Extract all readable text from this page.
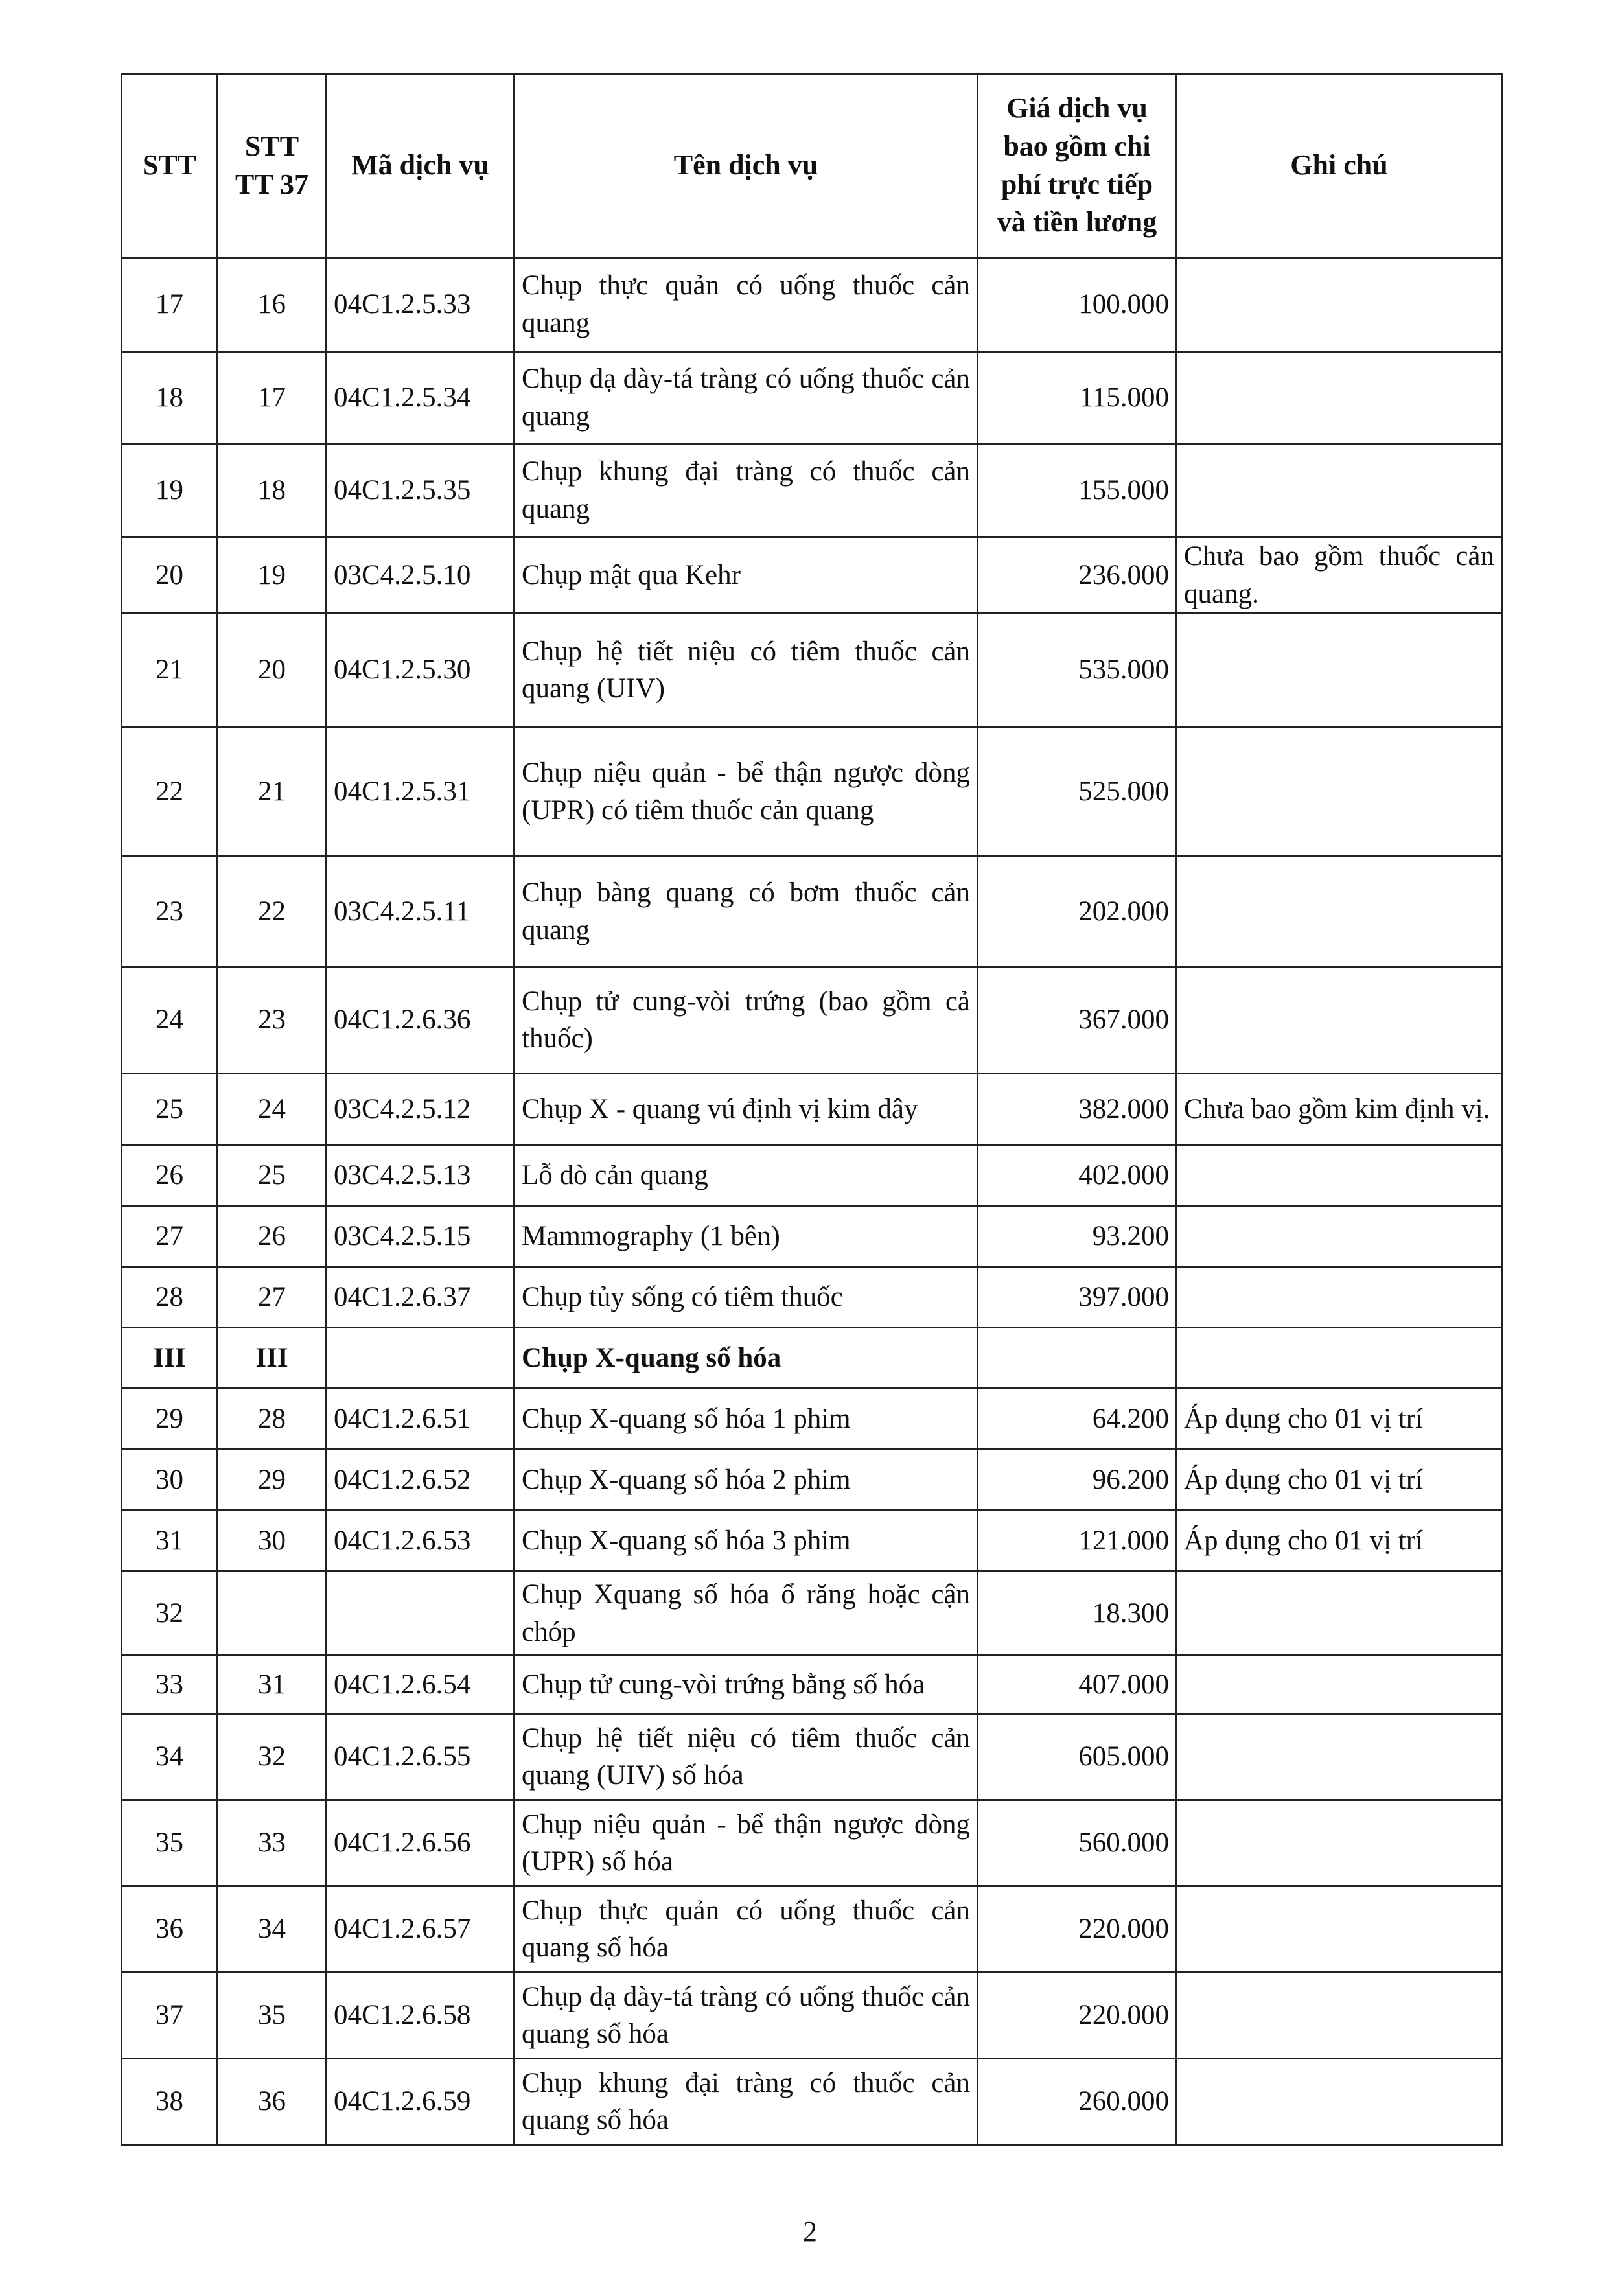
STT	STT TT 37	Mã dịch vụ	Tên dịch vụ	Giá dịch vụ bao gồm chi phí trực tiếp và tiền lương	Ghi chú
17	16	04C1.2.5.33	Chụp thực quản có uống thuốc cản quang	100.000	
18	17	04C1.2.5.34	Chụp dạ dày-tá tràng có uống thuốc cản quang	115.000	
19	18	04C1.2.5.35	Chụp khung đại tràng có thuốc cản quang	155.000	
20	19	03C4.2.5.10	Chụp mật qua Kehr	236.000	Chưa bao gồm thuốc cản quang.
21	20	04C1.2.5.30	Chụp hệ tiết niệu có tiêm thuốc cản quang (UIV)	535.000	
22	21	04C1.2.5.31	Chụp niệu quản - bể thận ngược dòng (UPR) có tiêm thuốc cản quang	525.000	
23	22	03C4.2.5.11	Chụp bàng quang có bơm thuốc cản quang	202.000	
24	23	04C1.2.6.36	Chụp tử cung-vòi trứng (bao gồm cả thuốc)	367.000	
25	24	03C4.2.5.12	Chụp X - quang vú định vị kim dây	382.000	Chưa bao gồm kim định vị.
26	25	03C4.2.5.13	Lỗ dò cản quang	402.000	
27	26	03C4.2.5.15	Mammography (1 bên)	93.200	
28	27	04C1.2.6.37	Chụp tủy sống có tiêm thuốc	397.000	
III	III		Chụp X-quang số hóa		
29	28	04C1.2.6.51	Chụp X-quang số hóa 1 phim	64.200	Áp dụng cho 01 vị trí
30	29	04C1.2.6.52	Chụp X-quang số hóa 2 phim	96.200	Áp dụng cho 01 vị trí
31	30	04C1.2.6.53	Chụp X-quang số hóa 3 phim	121.000	Áp dụng cho 01 vị trí
32			Chụp Xquang số hóa ổ răng hoặc cận chóp	18.300	
33	31	04C1.2.6.54	Chụp tử cung-vòi trứng bằng số hóa	407.000	
34	32	04C1.2.6.55	Chụp hệ tiết niệu có tiêm thuốc cản quang (UIV) số hóa	605.000	
35	33	04C1.2.6.56	Chụp niệu quản - bể thận ngược dòng (UPR) số hóa	560.000	
36	34	04C1.2.6.57	Chụp thực quản có uống thuốc cản quang số hóa	220.000	
37	35	04C1.2.6.58	Chụp dạ dày-tá tràng có uống thuốc cản quang số hóa	220.000	
38	36	04C1.2.6.59	Chụp khung đại tràng có thuốc cản quang số hóa	260.000	
2
